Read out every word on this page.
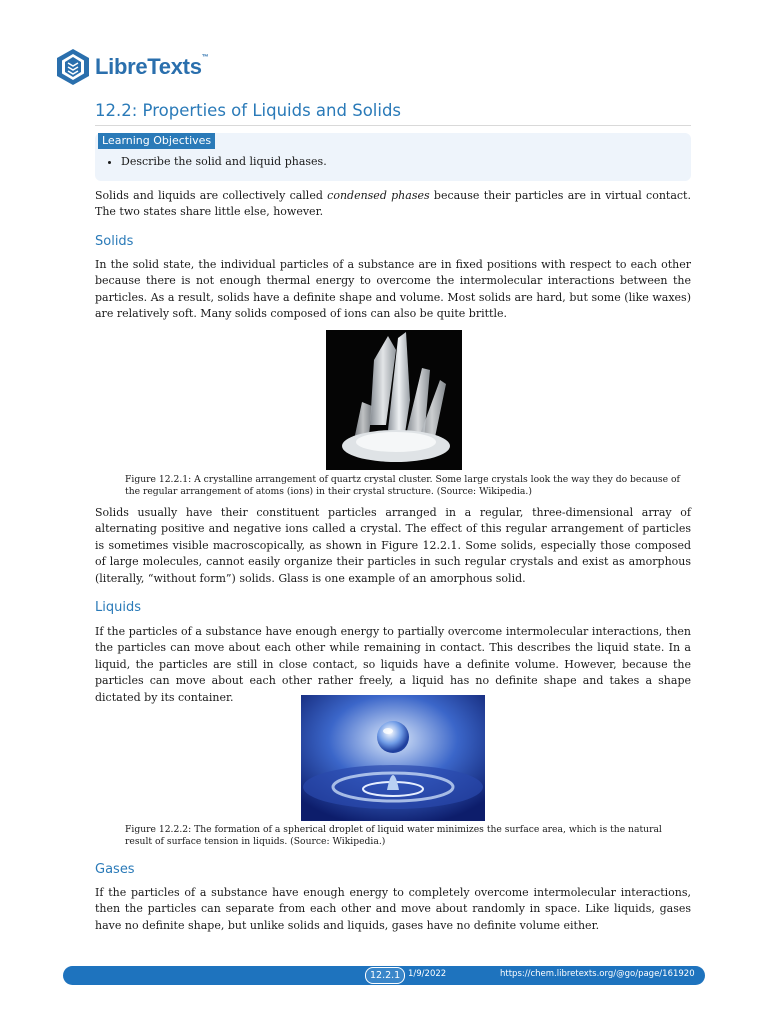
LibreTexts™
12.2: Properties of Liquids and Solids
Learning Objectives
• Describe the solid and liquid phases.

Solids and liquids are collectively called condensed phases because their particles are in virtual contact. The two states share little else, however.

Solids

In the solid state, the individual particles of a substance are in fixed positions with respect to each other because there is not enough thermal energy to overcome the intermolecular interactions between the particles. As a result, solids have a definite shape and volume. Most solids are hard, but some (like waxes) are relatively soft. Many solids composed of ions can also be quite brittle.

Figure 12.2.1: A crystalline arrangement of quartz crystal cluster. Some large crystals look the way they do because of the regular arrangement of atoms (ions) in their crystal structure. (Source: Wikipedia.)

Solids usually have their constituent particles arranged in a regular, three-dimensional array of alternating positive and negative ions called a crystal. The effect of this regular arrangement of particles is sometimes visible macroscopically, as shown in Figure 12.2.1. Some solids, especially those composed of large molecules, cannot easily organize their particles in such regular crystals and exist as amorphous (literally, “without form”) solids. Glass is one example of an amorphous solid.

Liquids

If the particles of a substance have enough energy to partially overcome intermolecular interactions, then the particles can move about each other while remaining in contact. This describes the liquid state. In a liquid, the particles are still in close contact, so liquids have a definite volume. However, because the particles can move about each other rather freely, a liquid has no definite shape and takes a shape dictated by its container.

Figure 12.2.2: The formation of a spherical droplet of liquid water minimizes the surface area, which is the natural result of surface tension in liquids. (Source: Wikipedia.)

Gases

If the particles of a substance have enough energy to completely overcome intermolecular interactions, then the particles can separate from each other and move about randomly in space. Like liquids, gases have no definite shape, but unlike solids and liquids, gases have no definite volume either.

12.2.1 1/9/2022	https://chem.libretexts.org/@go/page/161920
